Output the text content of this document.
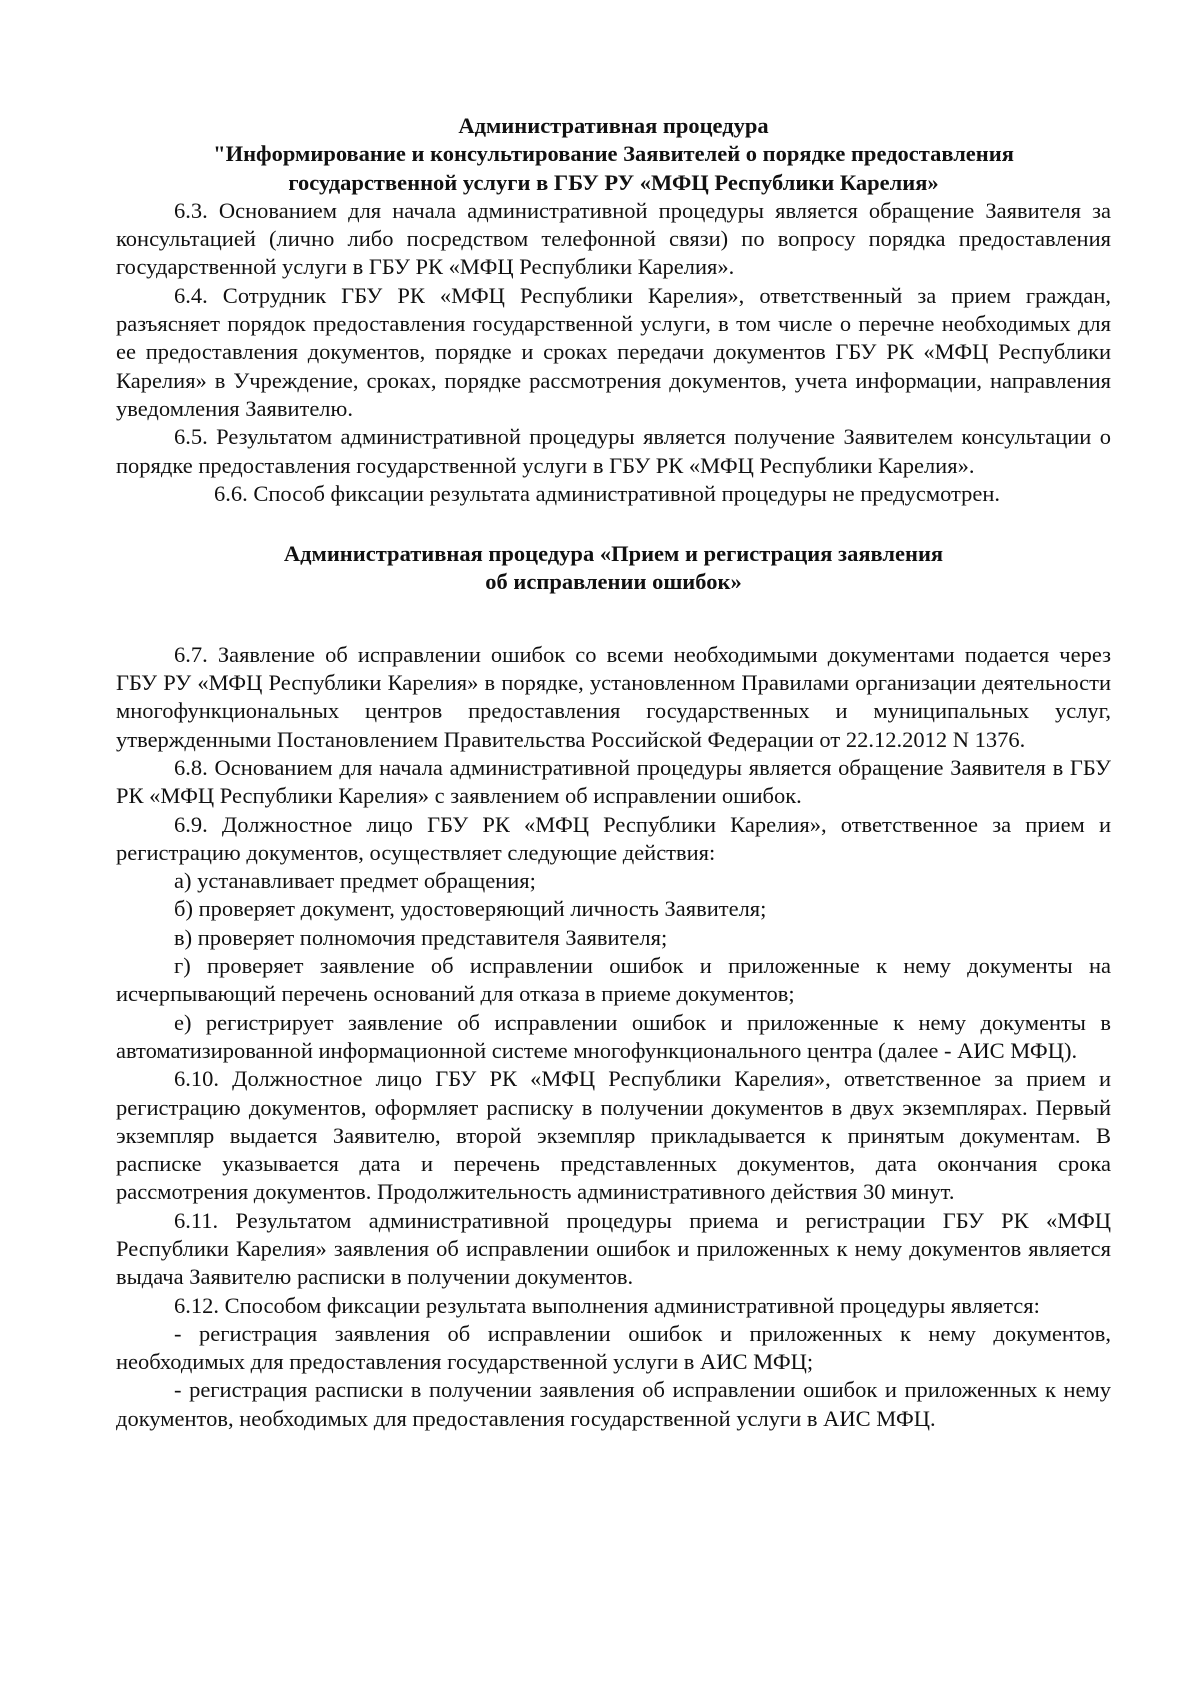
Административная процедура
"Информирование и консультирование Заявителей о порядке предоставления
государственной услуги в ГБУ РУ «МФЦ Республики Карелия»

6.3. Основанием для начала административной процедуры является обращение Заявителя за консультацией (лично либо посредством телефонной связи) по вопросу порядка предоставления государственной услуги в ГБУ РК «МФЦ Республики Карелия».

6.4. Сотрудник ГБУ РК «МФЦ Республики Карелия», ответственный за прием граждан, разъясняет порядок предоставления государственной услуги, в том числе о перечне необходимых для ее предоставления документов, порядке и сроках передачи документов ГБУ РК «МФЦ Республики Карелия» в Учреждение, сроках, порядке рассмотрения документов, учета информации, направления уведомления Заявителю.

6.5. Результатом административной процедуры является получение Заявителем консультации о порядке предоставления государственной услуги в ГБУ РК «МФЦ Республики Карелия».

6.6. Способ фиксации результата административной процедуры не предусмотрен.

Административная процедура «Прием и регистрация заявления
об исправлении ошибок»

6.7. Заявление об исправлении ошибок со всеми необходимыми документами подается через ГБУ РУ «МФЦ Республики Карелия» в порядке, установленном Правилами организации деятельности многофункциональных центров предоставления государственных и муниципальных услуг, утвержденными Постановлением Правительства Российской Федерации от 22.12.2012 N 1376.

6.8. Основанием для начала административной процедуры является обращение Заявителя в ГБУ РК «МФЦ Республики Карелия» с заявлением об исправлении ошибок.

6.9. Должностное лицо ГБУ РК «МФЦ Республики Карелия», ответственное за прием и регистрацию документов, осуществляет следующие действия:

а) устанавливает предмет обращения;

б) проверяет документ, удостоверяющий личность Заявителя;

в) проверяет полномочия представителя Заявителя;

г) проверяет заявление об исправлении ошибок и приложенные к нему документы на исчерпывающий перечень оснований для отказа в приеме документов;

е) регистрирует заявление об исправлении ошибок и приложенные к нему документы в автоматизированной информационной системе многофункционального центра (далее - АИС МФЦ).

6.10. Должностное лицо ГБУ РК «МФЦ Республики Карелия», ответственное за прием и регистрацию документов, оформляет расписку в получении документов в двух экземплярах. Первый экземпляр выдается Заявителю, второй экземпляр прикладывается к принятым документам. В расписке указывается дата и перечень представленных документов, дата окончания срока рассмотрения документов. Продолжительность административного действия 30 минут.

6.11. Результатом административной процедуры приема и регистрации ГБУ РК «МФЦ Республики Карелия» заявления об исправлении ошибок и приложенных к нему документов является выдача Заявителю расписки в получении документов.

6.12. Способом фиксации результата выполнения административной процедуры является:

- регистрация заявления об исправлении ошибок и приложенных к нему документов, необходимых для предоставления государственной услуги в АИС МФЦ;

- регистрация расписки в получении заявления об исправлении ошибок и приложенных к нему документов, необходимых для предоставления государственной услуги в АИС МФЦ.
